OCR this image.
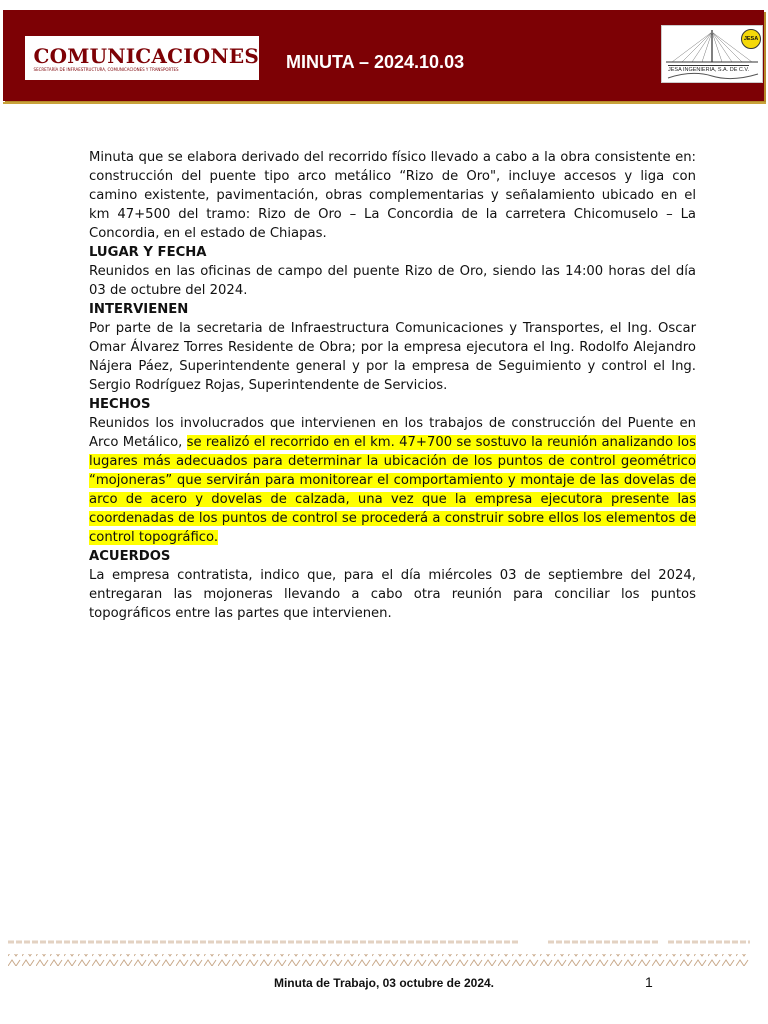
COMUNICACIONES
SECRETARÍA DE INFRAESTRUCTURA, COMUNICACIONES Y TRANSPORTES	MINUTA – 2024.10.03
JESA
JESA INGENIERIA, S.A. DE C.V.

Minuta que se elabora derivado del recorrido físico llevado a cabo a la obra consistente en: construcción del puente tipo arco metálico “Rizo de Oro", incluye accesos y liga con camino existente, pavimentación, obras complementarias y señalamiento ubicado en el km 47+500 del tramo: Rizo de Oro – La Concordia de la carretera Chicomuselo – La Concordia, en el estado de Chiapas.

LUGAR Y FECHA

Reunidos en las oficinas de campo del puente Rizo de Oro, siendo las 14:00 horas del día 03 de octubre del 2024.

INTERVIENEN

Por parte de la secretaria de Infraestructura Comunicaciones y Transportes, el Ing. Oscar Omar Álvarez Torres Residente de Obra; por la empresa ejecutora el Ing. Rodolfo Alejandro Nájera Páez, Superintendente general y por la empresa de Seguimiento y control el Ing. Sergio Rodríguez Rojas, Superintendente de Servicios.

HECHOS

Reunidos los involucrados que intervienen en los trabajos de construcción del Puente en Arco Metálico, se realizó el recorrido en el km. 47+700 se sostuvo la reunión analizando los lugares más adecuados para determinar la ubicación de los puntos de control geométrico “mojoneras” que servirán para monitorear el comportamiento y montaje de las dovelas de arco de acero y dovelas de calzada, una vez que la empresa ejecutora presente las coordenadas de los puntos de control se procederá a construir sobre ellos los elementos de control topográfico.

ACUERDOS

La empresa contratista, indico que, para el día miércoles 03 de septiembre del 2024, entregaran las mojoneras llevando a cabo otra reunión para conciliar los puntos topográficos entre las partes que intervienen.

Minuta de Trabajo, 03 octubre de 2024.	1
